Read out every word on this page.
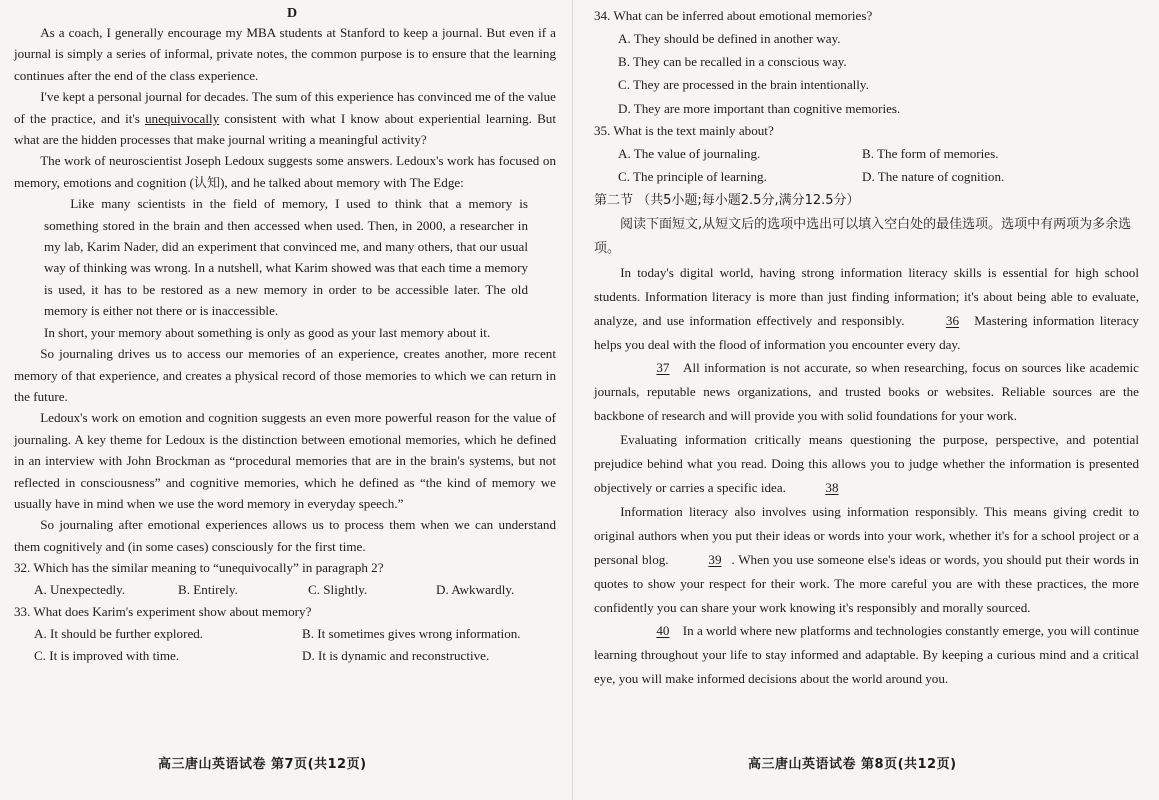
D

As a coach, I generally encourage my MBA students at Stanford to keep a journal. But even if a journal is simply a series of informal, private notes, the common purpose is to ensure that the learning continues after the end of the class experience.

I've kept a personal journal for decades. The sum of this experience has convinced me of the value of the practice, and it's unequivocally consistent with what I know about experiential learning. But what are the hidden processes that make journal writing a meaningful activity?

The work of neuroscientist Joseph Ledoux suggests some answers. Ledoux's work has focused on memory, emotions and cognition (认知), and he talked about memory with The Edge:

Like many scientists in the field of memory, I used to think that a memory is something stored in the brain and then accessed when used. Then, in 2000, a researcher in my lab, Karim Nader, did an experiment that convinced me, and many others, that our usual way of thinking was wrong. In a nutshell, what Karim showed was that each time a memory is used, it has to be restored as a new memory in order to be accessible later. The old memory is either not there or is inaccessible.

In short, your memory about something is only as good as your last memory about it.

So journaling drives us to access our memories of an experience, creates another, more recent memory of that experience, and creates a physical record of those memories to which we can return in the future.

Ledoux's work on emotion and cognition suggests an even more powerful reason for the value of journaling. A key theme for Ledoux is the distinction between emotional memories, which he defined in an interview with John Brockman as “procedural memories that are in the brain's systems, but not reflected in consciousness” and cognitive memories, which he defined as “the kind of memory we usually have in mind when we use the word memory in everyday speech.”

So journaling after emotional experiences allows us to process them when we can understand them cognitively and (in some cases) consciously for the first time.

32. Which has the similar meaning to “unequivocally” in paragraph 2?

A. Unexpectedly.	B. Entirely.	C. Slightly.	D. Awkwardly.

33. What does Karim's experiment show about memory?

A. It should be further explored.	B. It sometimes gives wrong information.
C. It is improved with time.	D. It is dynamic and reconstructive.
高三唐山英语试卷 第7页(共12页)

34. What can be inferred about emotional memories?

A. They should be defined in another way.

B. They can be recalled in a conscious way.

C. They are processed in the brain intentionally.

D. They are more important than cognitive memories.

35. What is the text mainly about?

A. The value of journaling.	B. The form of memories.
C. The principle of learning.	D. The nature of cognition.

第二节 （共5小题;每小题2.5分,满分12.5分）

阅读下面短文,从短文后的选项中选出可以填入空白处的最佳选项。选项中有两项为多余选项。

In today's digital world, having strong information literacy skills is essential for high school students. Information literacy is more than just finding information; it's about being able to evaluate, analyze, and use information effectively and responsibly.	36 Mastering information literacy helps you deal with the flood of information you encounter every day.

37 All information is not accurate, so when researching, focus on sources like academic journals, reputable news organizations, and trusted books or websites. Reliable sources are the backbone of research and will provide you with solid foundations for your work.

Evaluating information critically means questioning the purpose, perspective, and potential prejudice behind what you read. Doing this allows you to judge whether the information is presented objectively or carries a specific idea.	38

Information literacy also involves using information responsibly. This means giving credit to original authors when you put their ideas or words into your work, whether it's for a school project or a personal blog.	39 . When you use someone else's ideas or words, you should put their words in quotes to show your respect for their work. The more careful you are with these practices, the more confidently you can share your work knowing it's responsibly and morally sourced.

40 In a world where new platforms and technologies constantly emerge, you will continue learning throughout your life to stay informed and adaptable. By keeping a curious mind and a critical eye, you will make informed decisions about the world around you.

高三唐山英语试卷 第8页(共12页)
